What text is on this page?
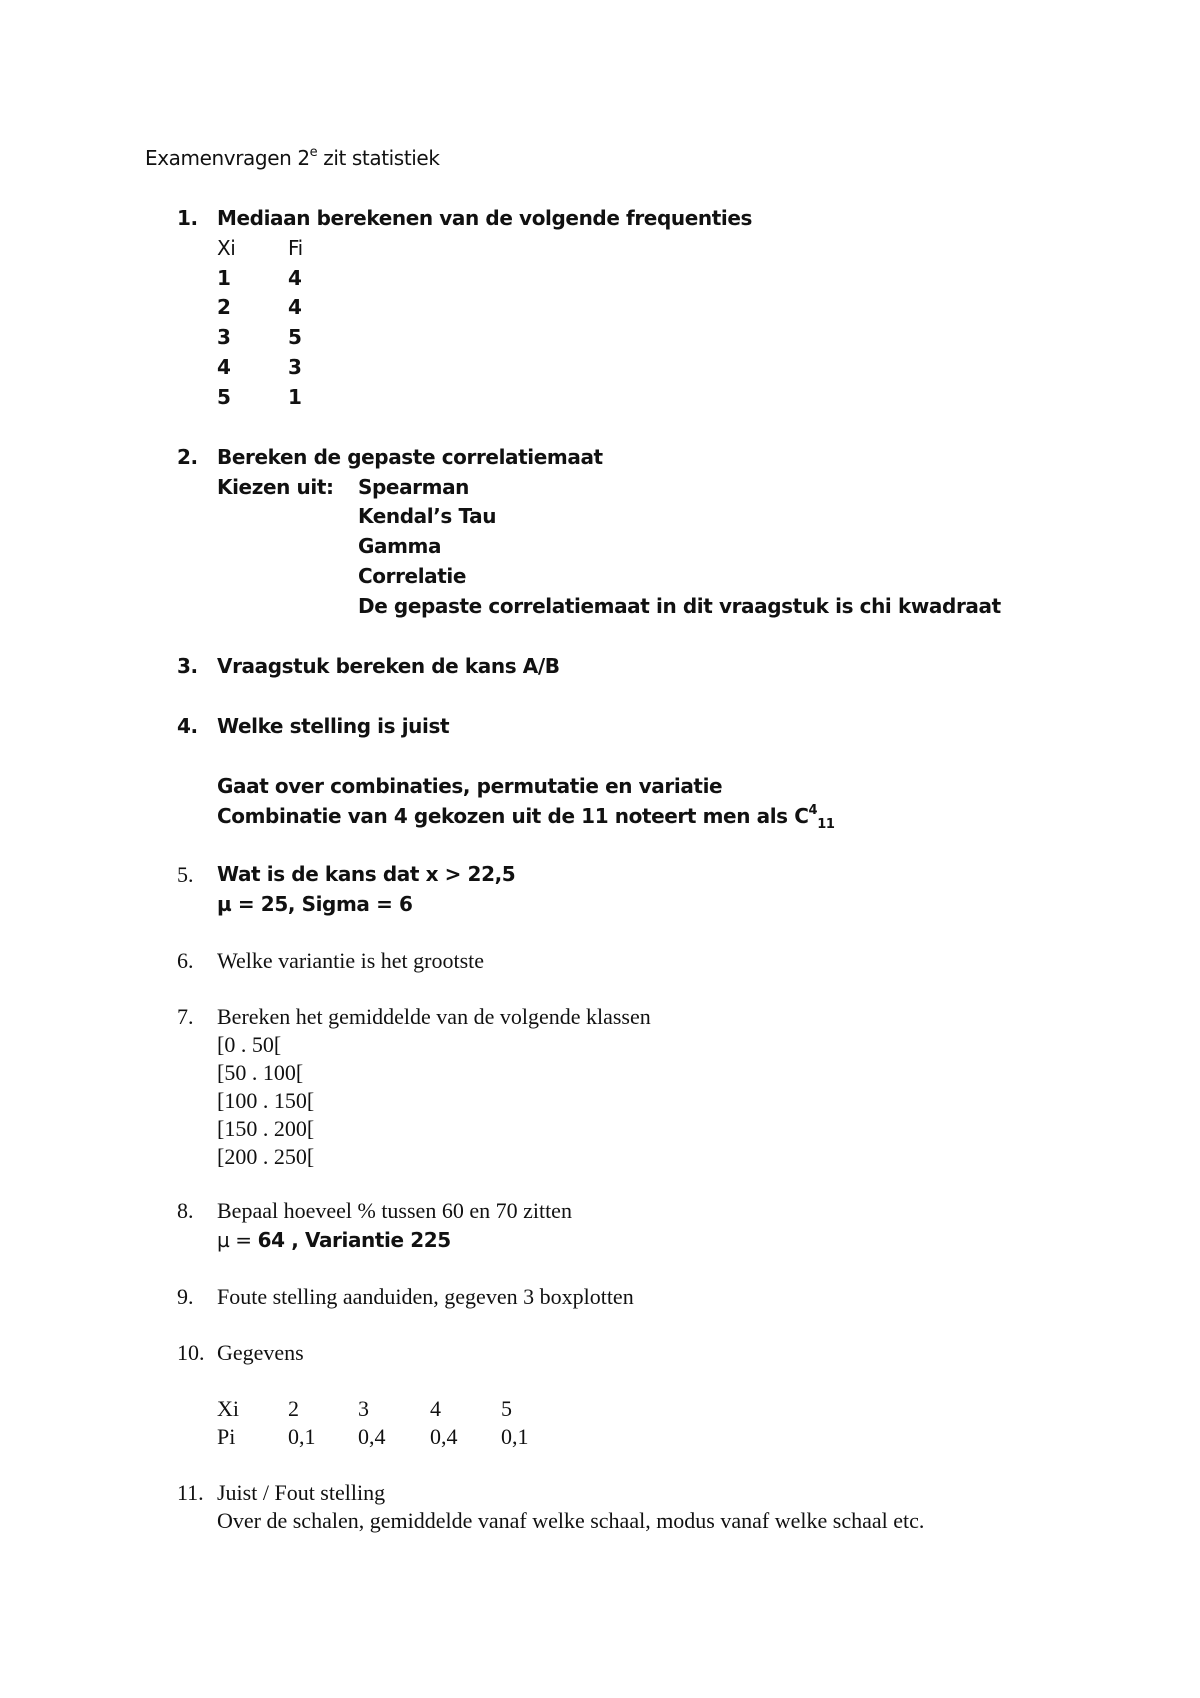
Examenvragen 2e zit statistiek
1. Mediaan berekenen van de volgende frequenties
Xi	Fi
1	4
2	4
3	5
4	3
5	1
2. Bereken de gepaste correlatiemaat
Kiezen uit: Spearman
Kendal’s Tau
Gamma
Correlatie
De gepaste correlatiemaat in dit vraagstuk is chi kwadraat
3. Vraagstuk bereken de kans A/B
4. Welke stelling is juist
Gaat over combinaties, permutatie en variatie
Combinatie van 4 gekozen uit de 11 noteert men als $C^4_{11}$
5. Wat is de kans dat x > 22,5
µ = 25, Sigma = 6
6. Welke variantie is het grootste
7. Bereken het gemiddelde van de volgende klassen
[0 . 50[
[50 . 100[
[100 . 150[
[150 . 200[
[200 . 250[
8. Bepaal hoeveel % tussen 60 en 70 zitten
µ = 64 , Variantie 225
9. Foute stelling aanduiden, gegeven 3 boxplotten
10. Gegevens
Xi 2	3	4	5
Pi 0,1 0,4 0,4 0,1
11. Juist / Fout stelling
Over de schalen, gemiddelde vanaf welke schaal, modus vanaf welke schaal etc.
